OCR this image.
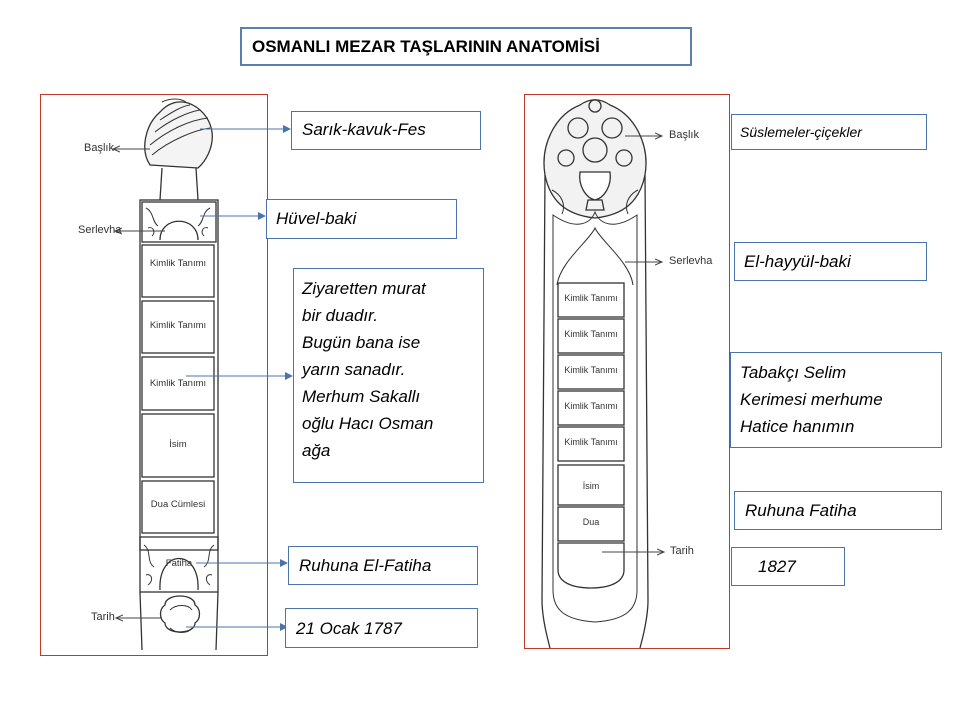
OSMANLI MEZAR TAŞLARININ ANATOMİSİ
Başlık
Serlevha
Tarih
Kimlik Tanımı
Kimlik Tanımı
Kimlik Tanımı
İsim
Dua Cümlesi
Fatiha
Sarık-kavuk-Fes
Hüvel-baki
Ziyaretten murat
bir duadır.
Bugün bana ise
yarın sanadır.
Merhum Sakallı
oğlu Hacı Osman
ağa
Ruhuna El-Fatiha
21 Ocak 1787
Başlık
Serlevha
Tarih
Kimlik Tanımı
Kimlik Tanımı
Kimlik Tanımı
Kimlik Tanımı
Kimlik Tanımı
İsim
Dua
Süslemeler-çiçekler
El-hayyül-baki
Tabakçı Selim
Kerimesi merhume
Hatice hanımın
Ruhuna Fatiha
1827
